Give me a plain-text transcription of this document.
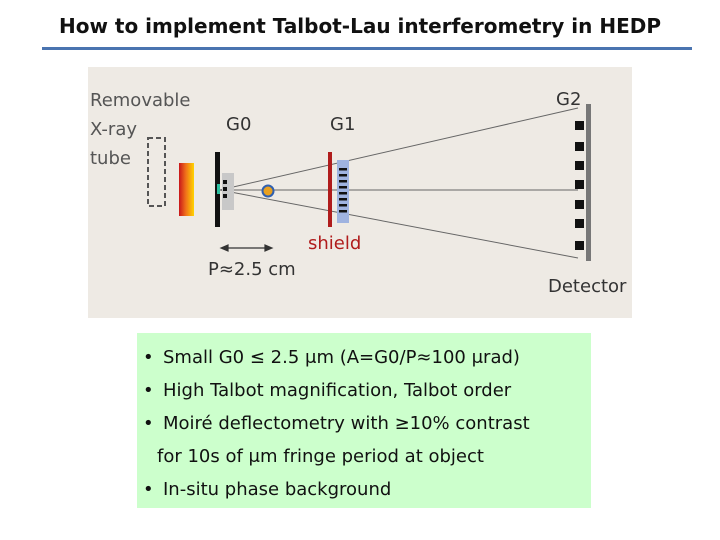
How to implement Talbot-Lau interferometry in HEDP
Removable
X-ray
tube
G0	G1
G2
shield
P≈2.5 cm
Detector
• Small G0 ≤ 2.5 μm (A=G0/P≈100 μrad)
• High Talbot magnification, Talbot order
• Moiré deflectometry with ≥10% contrast
for 10s of μm fringe period at object
• In-situ phase background
